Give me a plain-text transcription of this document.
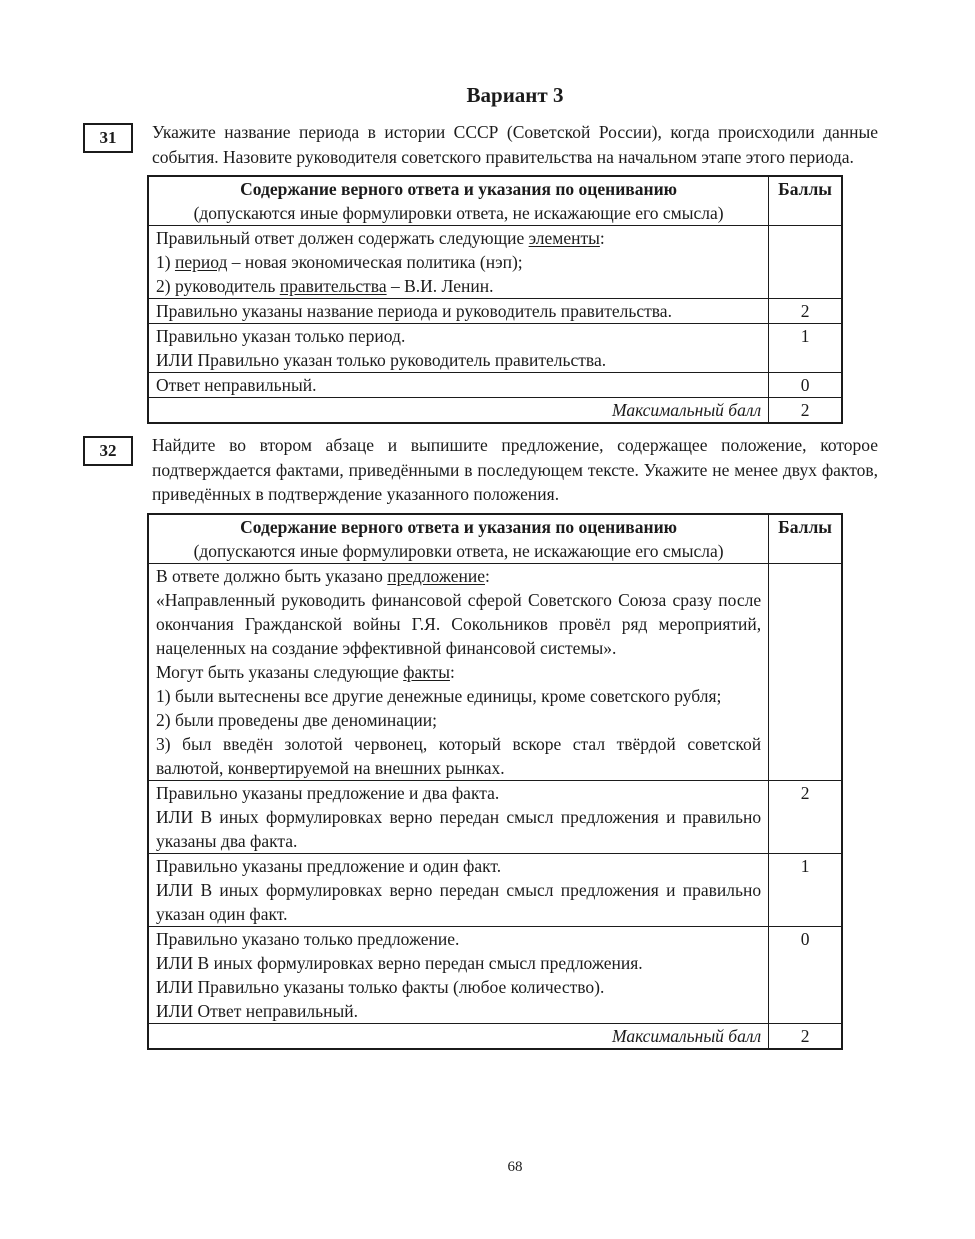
Вариант 3
31 Укажите название периода в истории СССР (Советской России), когда происходили данные события. Назовите руководителя советского правительства на начальном этапе этого периода.

Содержание верного ответа и указания по оцениванию
(допускаются иные формулировки ответа, не искажающие его смысла)	Баллы

Правильный ответ должен содержать следующие элементы:
1) период – новая экономическая политика (нэп);
2) руководитель правительства – В.И. Ленин.	

Правильно указаны название периода и руководитель правительства.	2

Правильно указан только период.
ИЛИ Правильно указан только руководитель правительства.	1

Ответ неправильный.	0
Максимальный балл	2
32 Найдите во втором абзаце и выпишите предложение, содержащее положение, которое подтверждается фактами, приведёнными в последующем тексте. Укажите не менее двух фактов, приведённых в подтверждение указанного положения.

Содержание верного ответа и указания по оцениванию
(допускаются иные формулировки ответа, не искажающие его смысла)	Баллы

В ответе должно быть указано предложение:
«Направленный руководить финансовой сферой Советского Союза сразу после окончания Гражданской войны Г.Я. Сокольников провёл ряд мероприятий, нацеленных на создание эффективной финансовой системы».
Могут быть указаны следующие факты:
1) были вытеснены все другие денежные единицы, кроме советского рубля;
2) были проведены две деноминации;
3) был введён золотой червонец, который вскоре стал твёрдой советской валютой, конвертируемой на внешних рынках.

Правильно указаны предложение и два факта.
ИЛИ В иных формулировках верно передан смысл предложения и правильно указаны два факта.	2

Правильно указаны предложение и один факт.
ИЛИ В иных формулировках верно передан смысл предложения и правильно указан один факт.	1

Правильно указано только предложение.
ИЛИ В иных формулировках верно передан смысл предложения.
ИЛИ Правильно указаны только факты (любое количество).
ИЛИ Ответ неправильный.	0
Максимальный балл	2
68
